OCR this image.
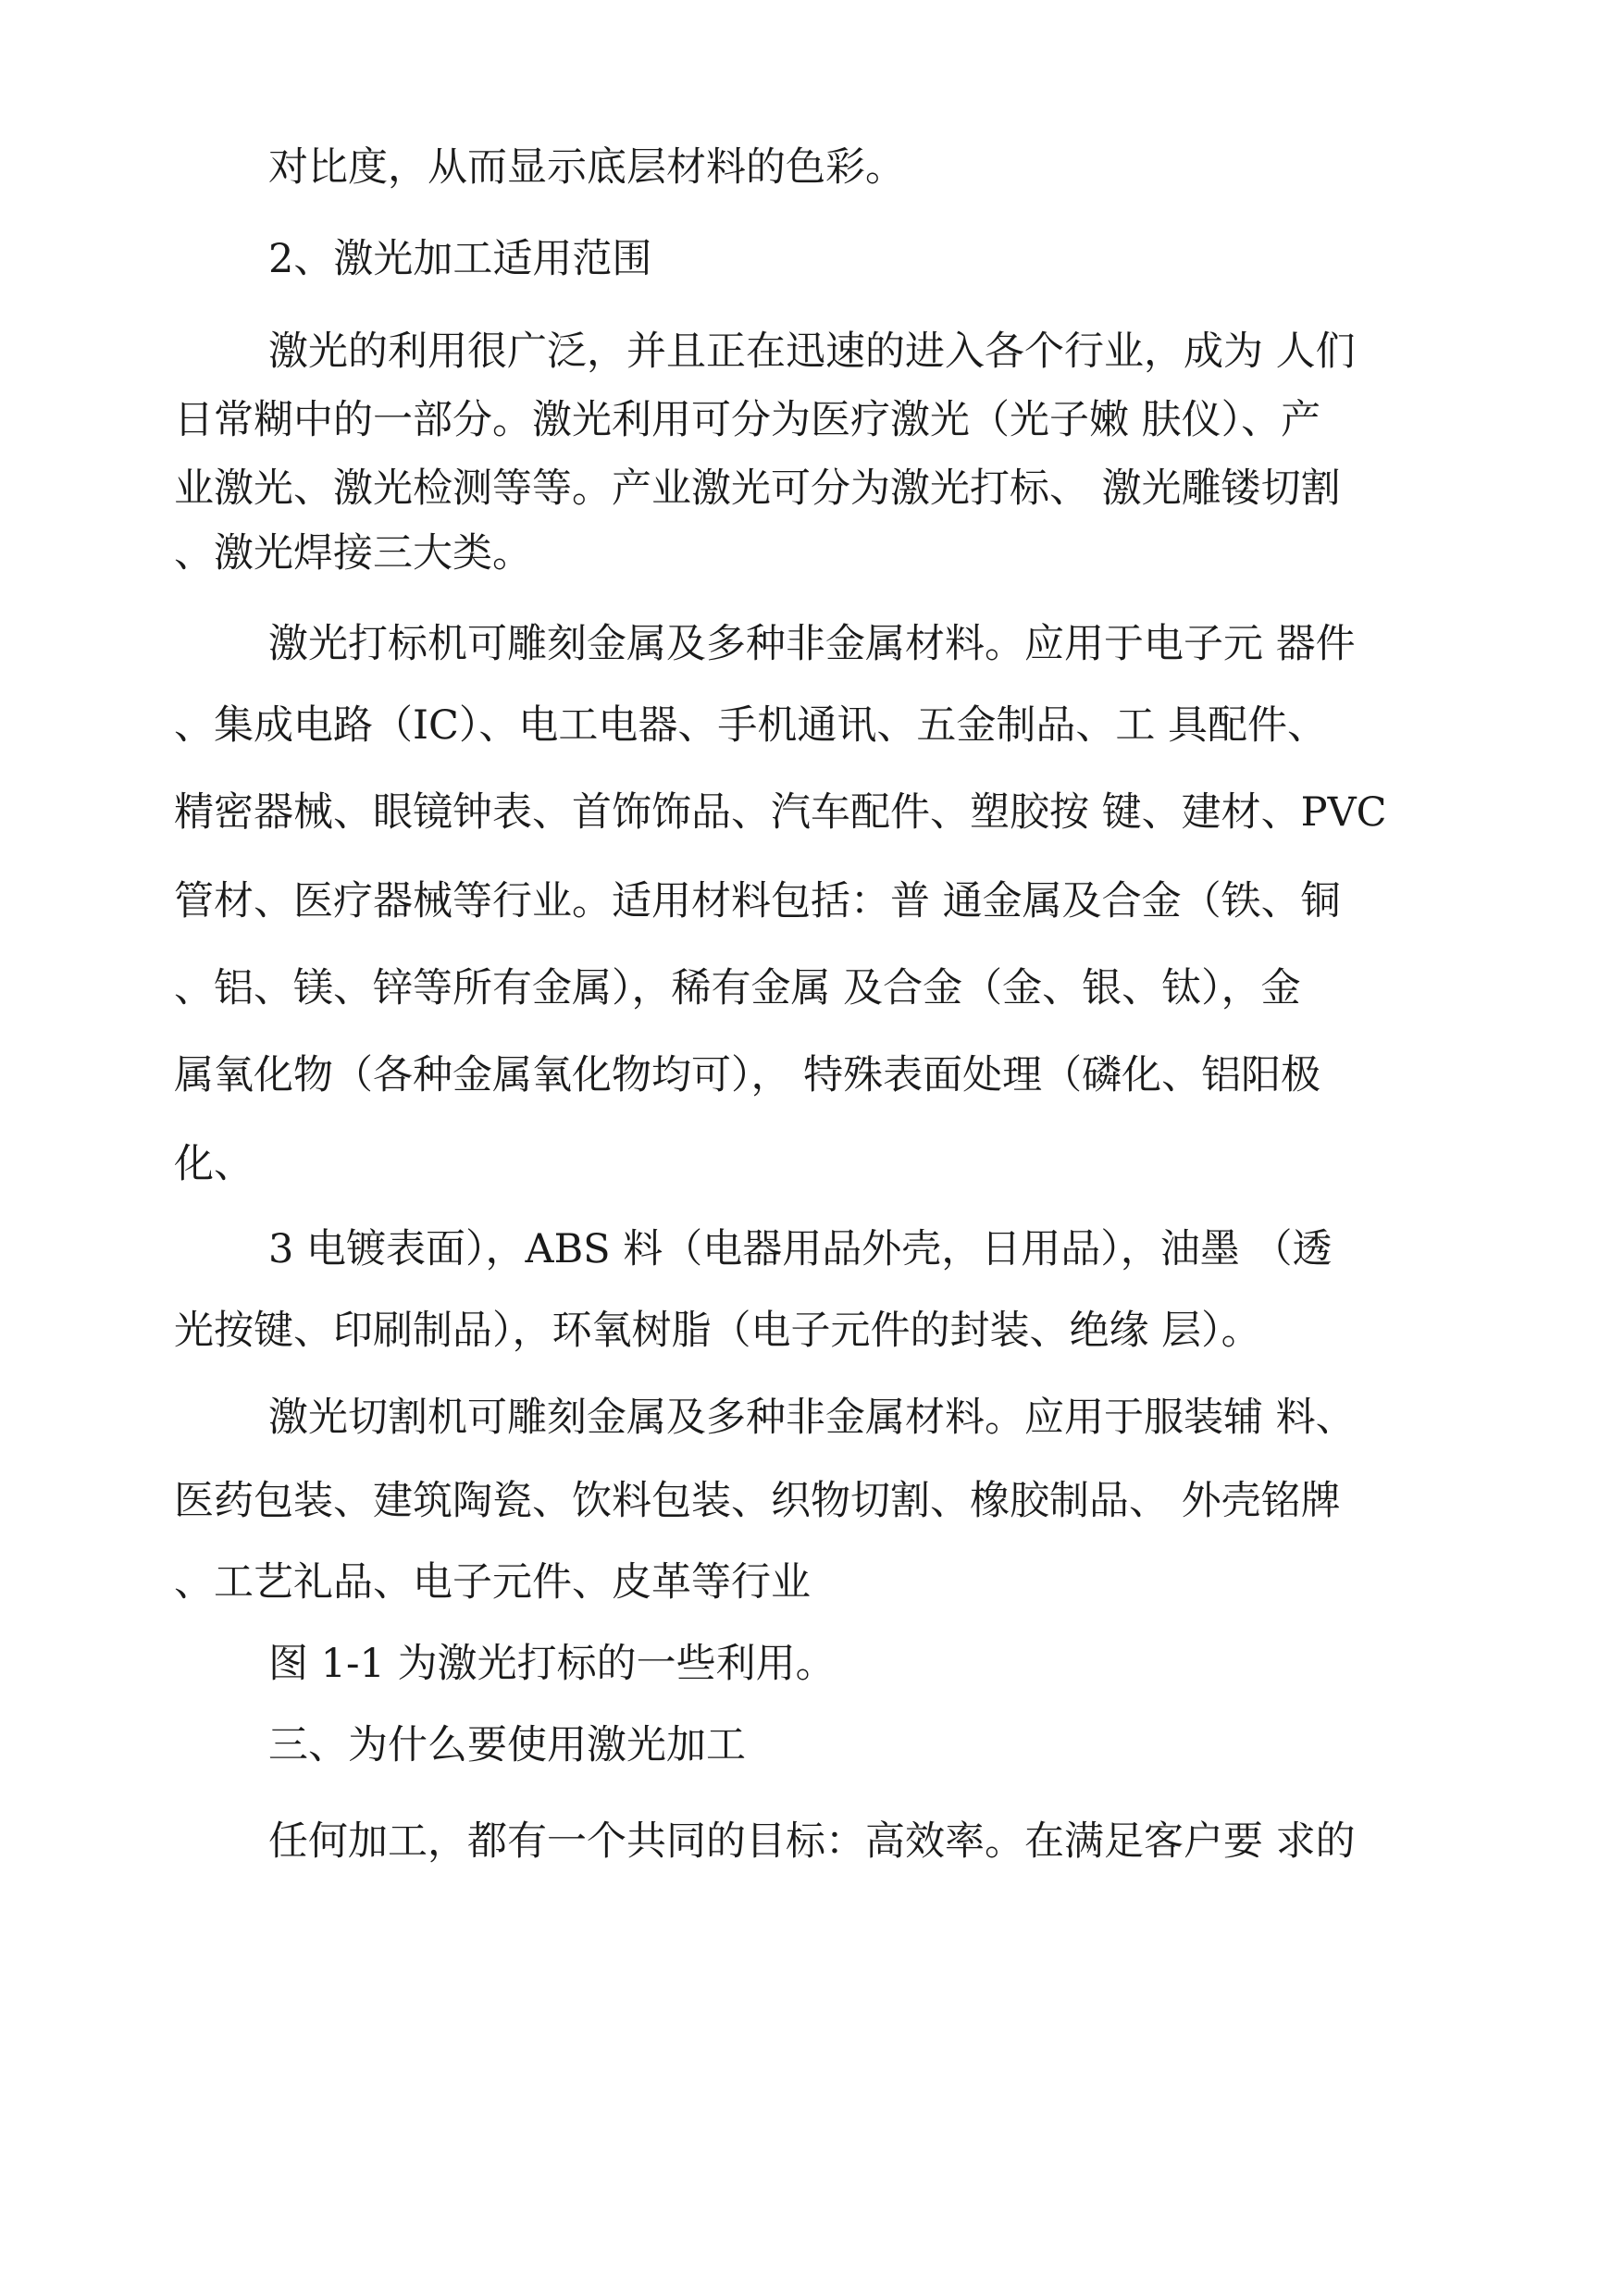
对比度，从而显示底层材料的色彩。
2、激光加工适用范围
激光的利用很广泛，并且正在迅速的进入各个行业，成为 人们
日常糊中的一部分。激光利用可分为医疗激光（光子嫩 肤仪）、产
业激光、激光检测等等。产业激光可分为激光打标、 激光雕镂切割
、激光焊接三大类。
激光打标机可雕刻金属及多种非金属材料。应用于电子元 器件
、集成电路（IC）、电工电器、手机通讯、五金制品、工 具配件、
精密器械、眼镜钟表、首饰饰品、汽车配件、塑胶按 键、建材、PVC
管材、医疗器械等行业。适用材料包括：普 通金属及合金（铁、铜
、铝、镁、锌等所有金属），稀有金属 及合金（金、银、钛），金
属氧化物（各种金属氧化物均可）， 特殊表面处理（磷化、铝阳极
化、
3 电镀表面），ABS 料（电器用品外壳，日用品），油墨 （透
光按键、印刷制品），环氧树脂（电子元件的封装、绝缘 层）。
激光切割机可雕刻金属及多种非金属材料。应用于服装辅 料、
医药包装、建筑陶瓷、饮料包装、织物切割、橡胶制品、 外壳铭牌
、工艺礼品、电子元件、皮革等行业
图 1-1 为激光打标的一些利用。
三、为什么要使用激光加工
任何加工，都有一个共同的目标：高效率。在满足客户要 求的
